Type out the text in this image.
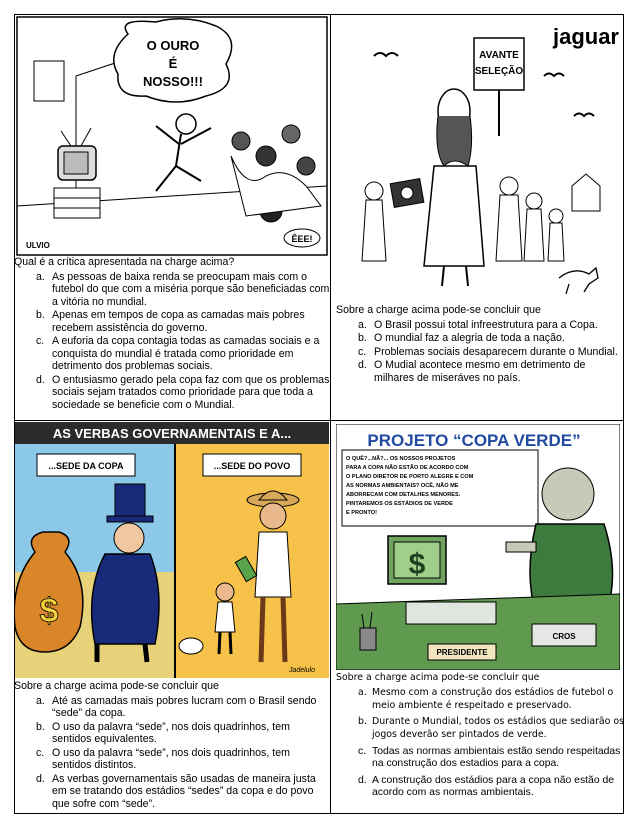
O OURO
É
NOSSO!!!
ÊEE!
ULVIO

Qual é a crítica apresentada na charge acima?

a. As pessoas de baixa renda se preocupam mais com o futebol do que com a miséria porque são beneficiadas com a vitória no mundial.
b. Apenas em tempos de copa as camadas mais pobres recebem assistência do governo.
c. A euforia da copa contagia todas as camadas sociais e a conquista do mundial é tratada como prioridade em detrimento dos problemas sociais.
d. O entusiasmo gerado pela copa faz com que os problemas sociais sejam tratados como prioridade para que toda a sociedade se beneficie com o Mundial.
jaguar
AVANTE
SELEÇÃO

Sobre a charge acima pode-se concluir que

a. O Brasil possui total infreestrutura para a Copa.
b. O mundial faz a alegria de toda a nação.
c. Problemas sociais desaparecem durante o Mundial.
d. O Mudial acontece mesmo em detrimento de milhares de miseráves no país.
AS VERBAS GOVERNAMENTAIS E A...
...SEDE DA COPA
$
...SEDE DO POVO
Jadelulo

Sobre a charge acima pode-se concluir que

a. Até as camadas mais pobres lucram com o Brasil sendo “sede” da copa.
b. O uso da palavra “sede”, nos dois quadrinhos, tem sentidos equivalentes.
c. O uso da palavra “sede”, nos dois quadrinhos, tem sentidos distintos.
d. As verbas governamentais são usadas de maneira justa em se tratando dos estádios “sedes” da copa e do povo que sofre com “sede”.
PROJETO “COPA VERDE”
O QUÊ?...NÃ?... OS NOSSOS PROJETOS
PARA A COPA NÃO ESTÃO DE ACORDO COM
O PLANO DIRETOR DE PORTO ALEGRE E COM
AS NORMAS AMBIENTAIS? OCÊ, NÃO ME
ABORRECAM COM DETALHES MENORES.
PINTAREMOS OS ESTÁDIOS DE VERDE
E PRONTO!
$
CROS
PRESIDENTE

Sobre a charge acima pode-se concluir que

a. Mesmo com a construção dos estádios de futebol o meio ambiente é respeitado e preservado.
b. Durante o Mundial, todos os estádios que sediarão os jogos deverão ser pintados de verde.
c. Todas as normas ambientais estão sendo respeitadas na construção dos estadios para a copa.
d. A construção dos estádios para a copa não estão de acordo com as normas ambientais.
